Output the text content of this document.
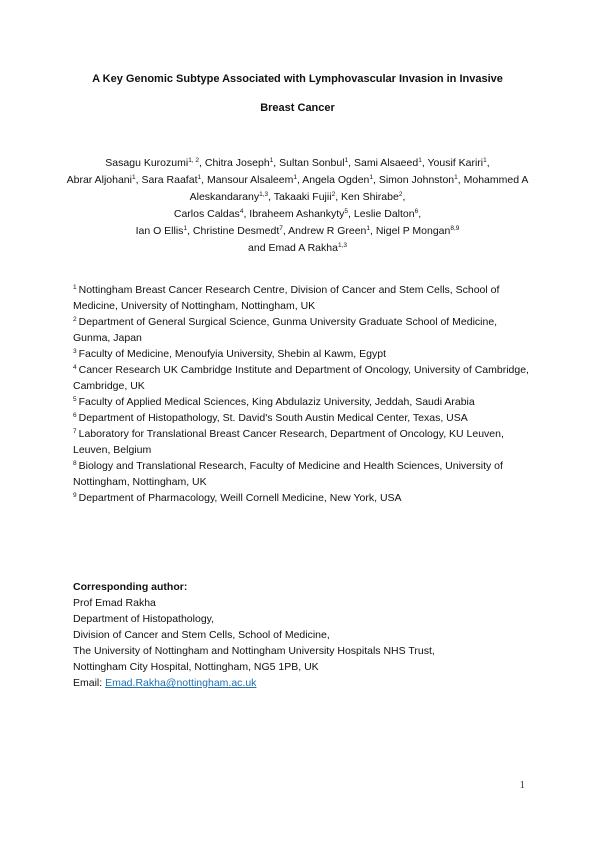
A Key Genomic Subtype Associated with Lymphovascular Invasion in Invasive
Breast Cancer
Sasagu Kurozumi$^{1, 2}$, Chitra Joseph$^1$, Sultan Sonbul$^1$, Sami Alsaeed$^1$, Yousif Kariri$^1$,
Abrar Aljohani$^1$, Sara Raafat$^1$, Mansour Alsaleem$^1$, Angela Ogden$^1$, Simon Johnston$^1$, Mohammed A Aleskandarany$^{1,3}$, Takaaki Fujii$^2$, Ken Shirabe$^2$,
Carlos Caldas$^4$, Ibraheem Ashankyty$^5$, Leslie Dalton$^6$,
Ian O Ellis$^1$, Christine Desmedt$^7$, Andrew R Green$^1$, Nigel P Mongan$^{8,9}$
and Emad A Rakha$^{1,3}$

$^1$ Nottingham Breast Cancer Research Centre, Division of Cancer and Stem Cells, School of Medicine, University of Nottingham, Nottingham, UK

$^2$ Department of General Surgical Science, Gunma University Graduate School of Medicine, Gunma, Japan

$^3$ Faculty of Medicine, Menoufyia University, Shebin al Kawm, Egypt

$^4$ Cancer Research UK Cambridge Institute and Department of Oncology, University of Cambridge, Cambridge, UK

$^5$ Faculty of Applied Medical Sciences, King Abdulaziz University, Jeddah, Saudi Arabia

$^6$ Department of Histopathology, St. David's South Austin Medical Center, Texas, USA

$^7$ Laboratory for Translational Breast Cancer Research, Department of Oncology, KU Leuven, Leuven, Belgium

$^8$ Biology and Translational Research, Faculty of Medicine and Health Sciences, University of Nottingham, Nottingham, UK

$^9$ Department of Pharmacology, Weill Cornell Medicine, New York, USA

Corresponding author:
Prof Emad Rakha
Department of Histopathology,
Division of Cancer and Stem Cells, School of Medicine,
The University of Nottingham and Nottingham University Hospitals NHS Trust,
Nottingham City Hospital, Nottingham, NG5 1PB, UK
Email: Emad.Rakha@nottingham.ac.uk
1
